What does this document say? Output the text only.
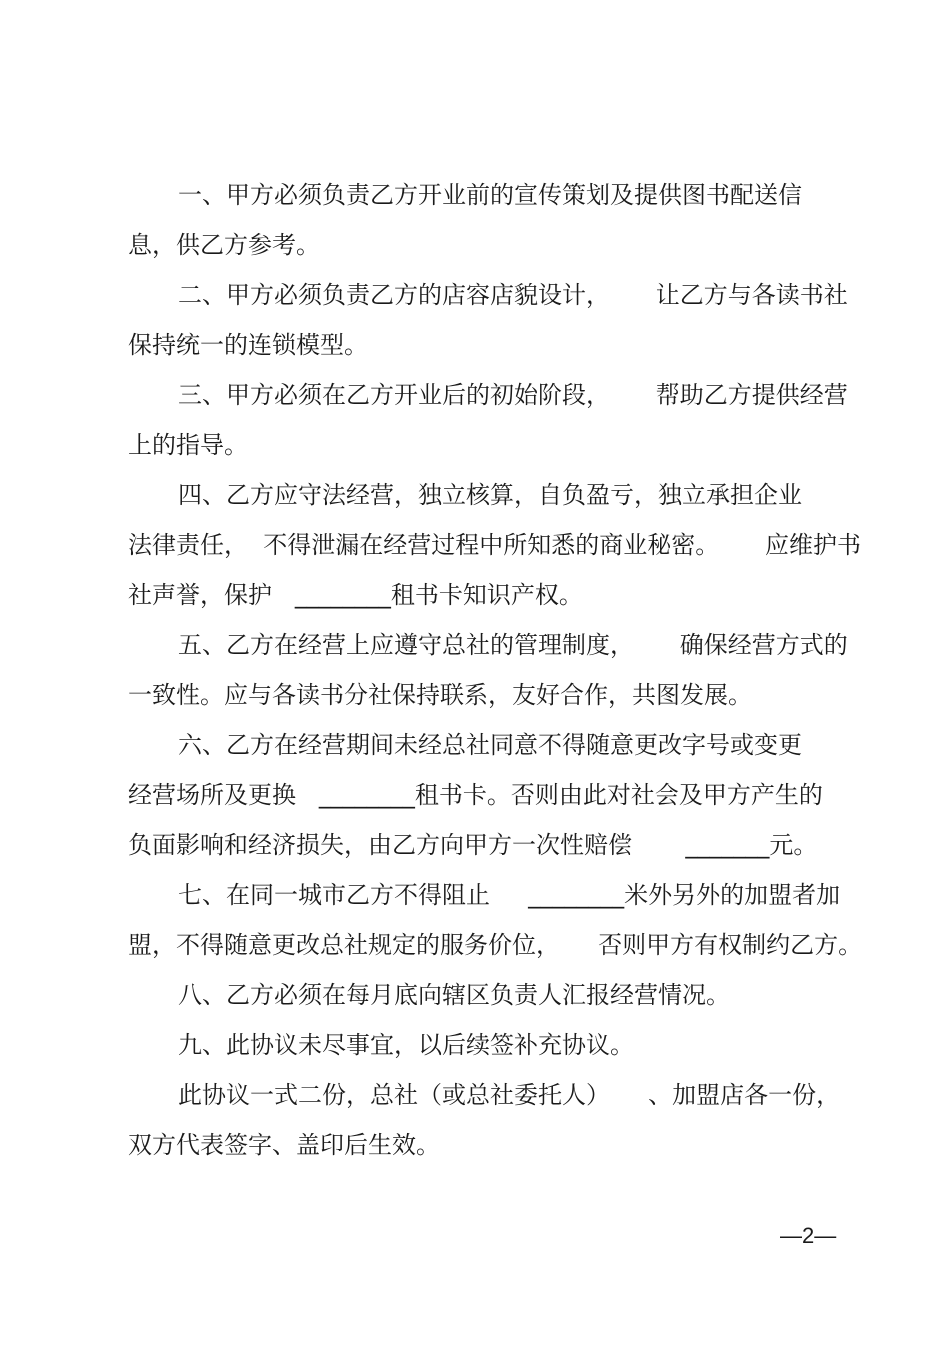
一、甲方必须负责乙方开业前的宣传策划及提供图书配送信
息，供乙方参考。
二、甲方必须负责乙方的店容店貌设计，      让乙方与各读书社
保持统一的连锁模型。
三、甲方必须在乙方开业后的初始阶段，      帮助乙方提供经营
上的指导。
四、乙方应守法经营，独立核算，自负盈亏，独立承担企业
法律责任，  不得泄漏在经营过程中所知悉的商业秘密。      应维护书
社声誉，保护   ________租书卡知识产权。
五、乙方在经营上应遵守总社的管理制度，      确保经营方式的
一致性。应与各读书分社保持联系，友好合作，共图发展。
六、乙方在经营期间未经总社同意不得随意更改字号或变更
经营场所及更换   ________租书卡。否则由此对社会及甲方产生的
负面影响和经济损失，由乙方向甲方一次性赔偿       _______元。
七、在同一城市乙方不得阻止     ________米外另外的加盟者加
盟，不得随意更改总社规定的服务价位，     否则甲方有权制约乙方。
八、乙方必须在每月底向辖区负责人汇报经营情况。
九、此协议未尽事宜，以后续签补充协议。
此协议一式二份，总社（或总社委托人）     、加盟店各一份，
双方代表签字、盖印后生效。
—2—
